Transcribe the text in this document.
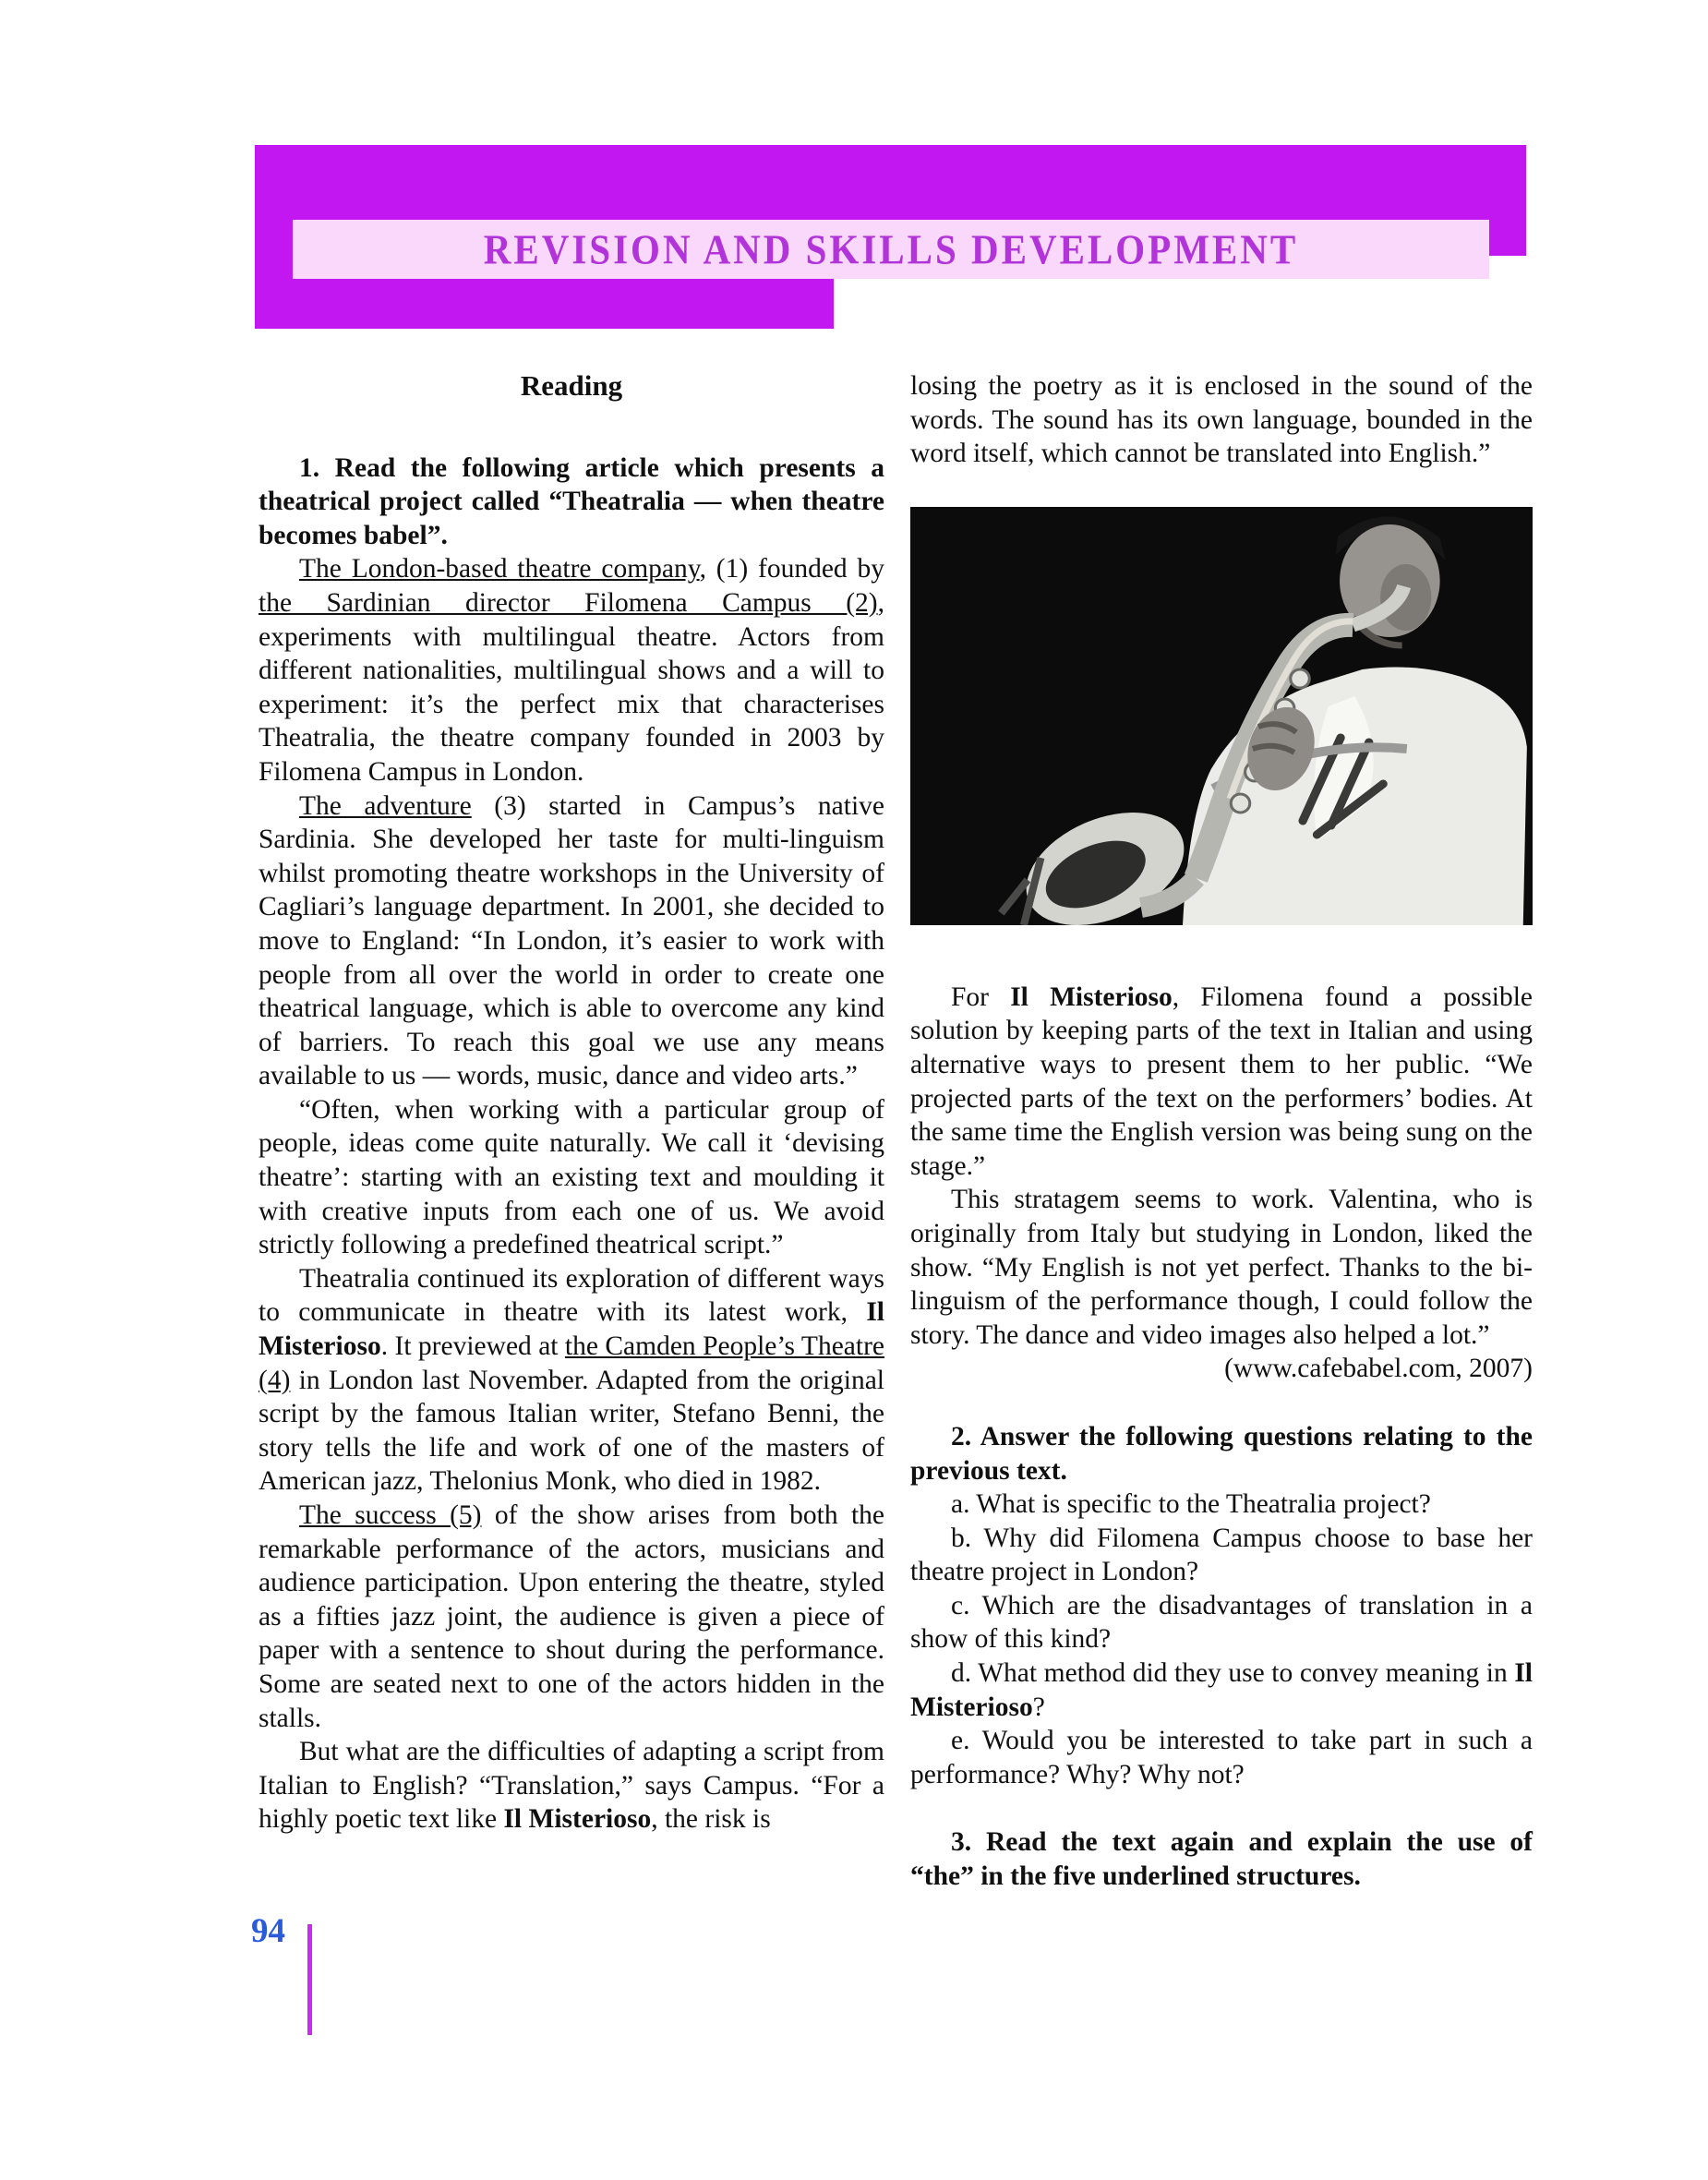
REVISION AND SKILLS DEVELOPMENT
Reading

1. Read the following article which presents a theatrical project called “Theatralia — when theatre becomes babel”.

The London-based theatre company, (1) founded by the Sardinian director Filomena Campus (2), experiments with multilingual theatre. Actors from different nationalities, multilingual shows and a will to experiment: it’s the perfect mix that characterises Theatralia, the theatre company founded in 2003 by Filomena Campus in London.

The adventure (3) started in Campus’s native Sardinia. She developed her taste for multi-linguism whilst promoting theatre workshops in the University of Cagliari’s language department. In 2001, she decided to move to England: “In London, it’s easier to work with people from all over the world in order to create one theatrical language, which is able to overcome any kind of barriers. To reach this goal we use any means available to us — words, music, dance and video arts.”

“Often, when working with a particular group of people, ideas come quite naturally. We call it ‘devising theatre’: starting with an existing text and moulding it with creative inputs from each one of us. We avoid strictly following a predefined theatrical script.”

Theatralia continued its exploration of different ways to communicate in theatre with its latest work, Il Misterioso. It previewed at the Camden People’s Theatre (4) in London last November. Adapted from the original script by the famous Italian writer, Stefano Benni, the story tells the life and work of one of the masters of American jazz, Thelonius Monk, who died in 1982.

The success (5) of the show arises from both the remarkable performance of the actors, musicians and audience participation. Upon entering the theatre, styled as a fifties jazz joint, the audience is given a piece of paper with a sentence to shout during the performance. Some are seated next to one of the actors hidden in the stalls.

But what are the difficulties of adapting a script from Italian to English? “Translation,” says Campus. “For a highly poetic text like Il Misterioso, the risk is

losing the poetry as it is enclosed in the sound of the words. The sound has its own language, bounded in the word itself, which cannot be translated into English.”

For Il Misterioso, Filomena found a possible solution by keeping parts of the text in Italian and using alternative ways to present them to her public. “We projected parts of the text on the performers’ bodies. At the same time the English version was being sung on the stage.”

This stratagem seems to work. Valentina, who is originally from Italy but studying in London, liked the show. “My English is not yet perfect. Thanks to the bi-linguism of the performance though, I could follow the story. The dance and video images also helped a lot.”

(www.cafebabel.com, 2007)

2. Answer the following questions relating to the previous text.

a. What is specific to the Theatralia project?

b. Why did Filomena Campus choose to base her theatre project in London?

c. Which are the disadvantages of translation in a show of this kind?

d. What method did they use to convey meaning in Il Misterioso?

e. Would you be interested to take part in such a performance? Why? Why not?

3. Read the text again and explain the use of “the” in the five underlined structures.

94
